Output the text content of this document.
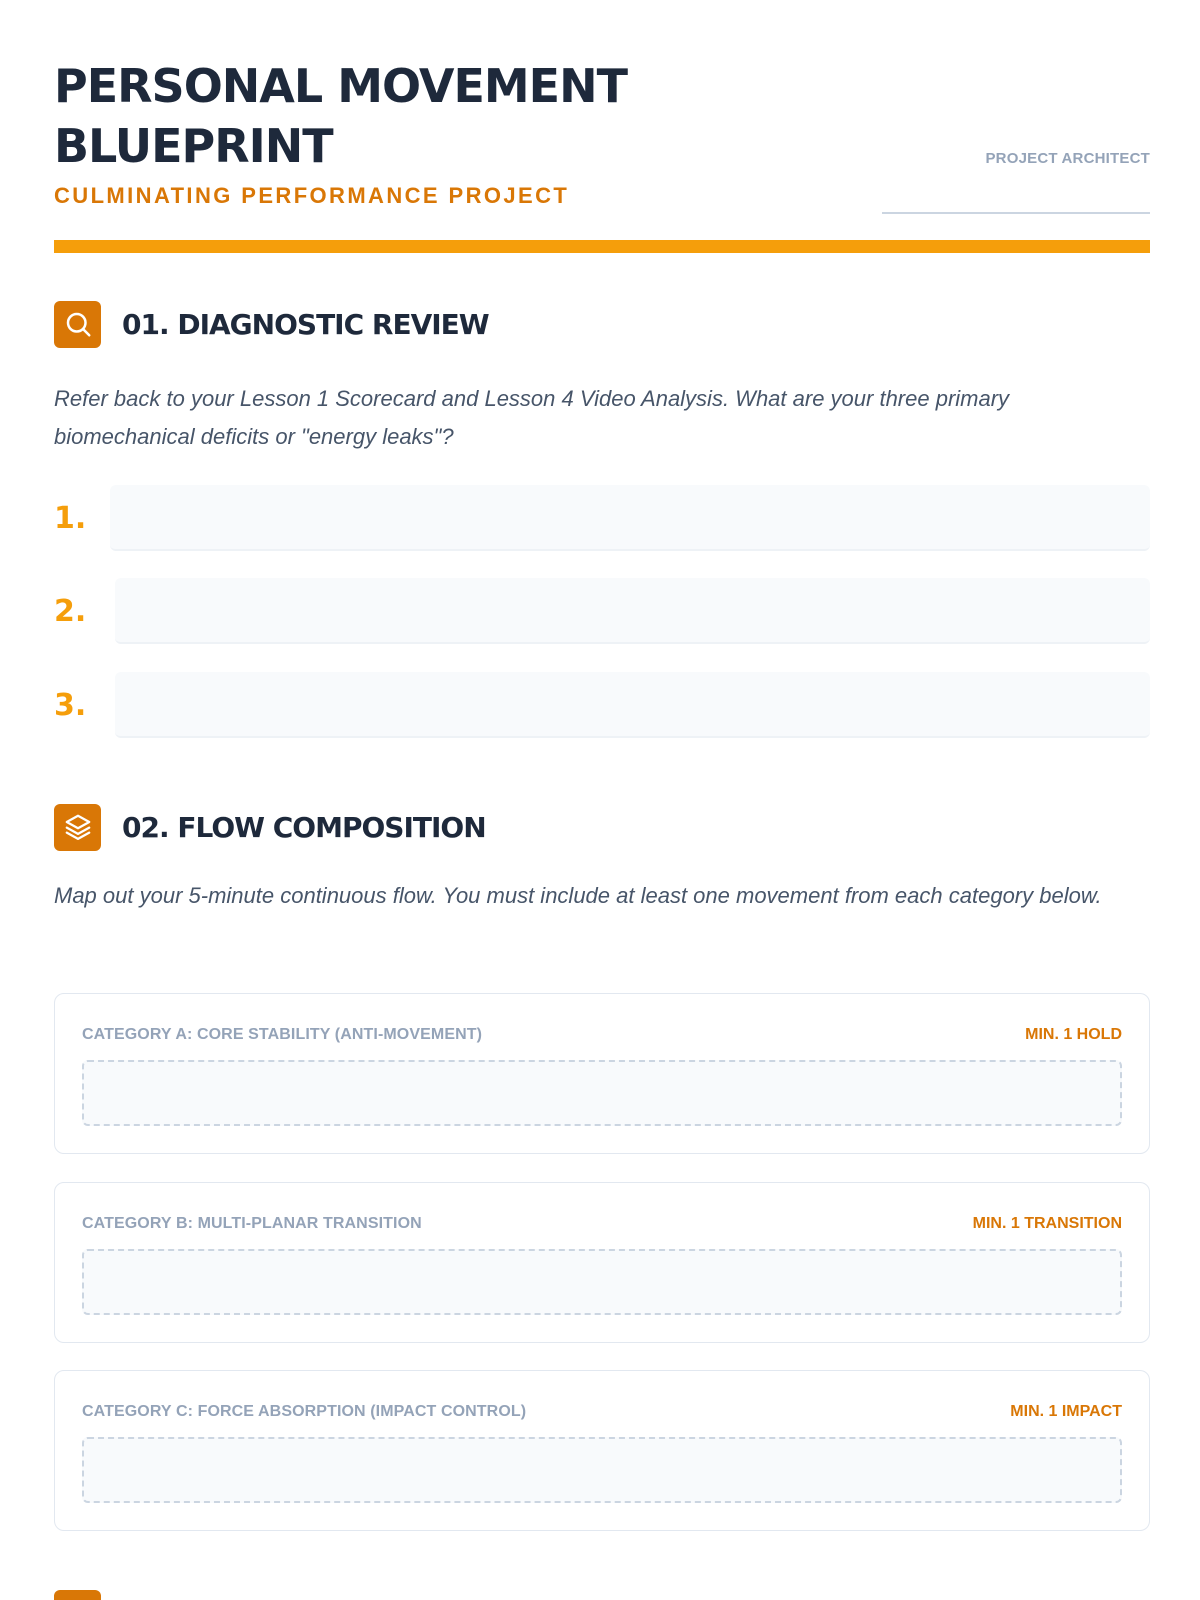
PERSONAL MOVEMENT
BLUEPRINT
CULMINATING PERFORMANCE PROJECT
PROJECT ARCHITECT
01. DIAGNOSTIC REVIEW
Refer back to your Lesson 1 Scorecard and Lesson 4 Video Analysis. What are your three primary biomechanical deficits or "energy leaks"?
1.
2.
3.
02. FLOW COMPOSITION
Map out your 5-minute continuous flow. You must include at least one movement from each category below.
CATEGORY A: CORE STABILITY (ANTI-MOVEMENT)	MIN. 1 HOLD
CATEGORY B: MULTI-PLANAR TRANSITION	MIN. 1 TRANSITION
CATEGORY C: FORCE ABSORPTION (IMPACT CONTROL)	MIN. 1 IMPACT
